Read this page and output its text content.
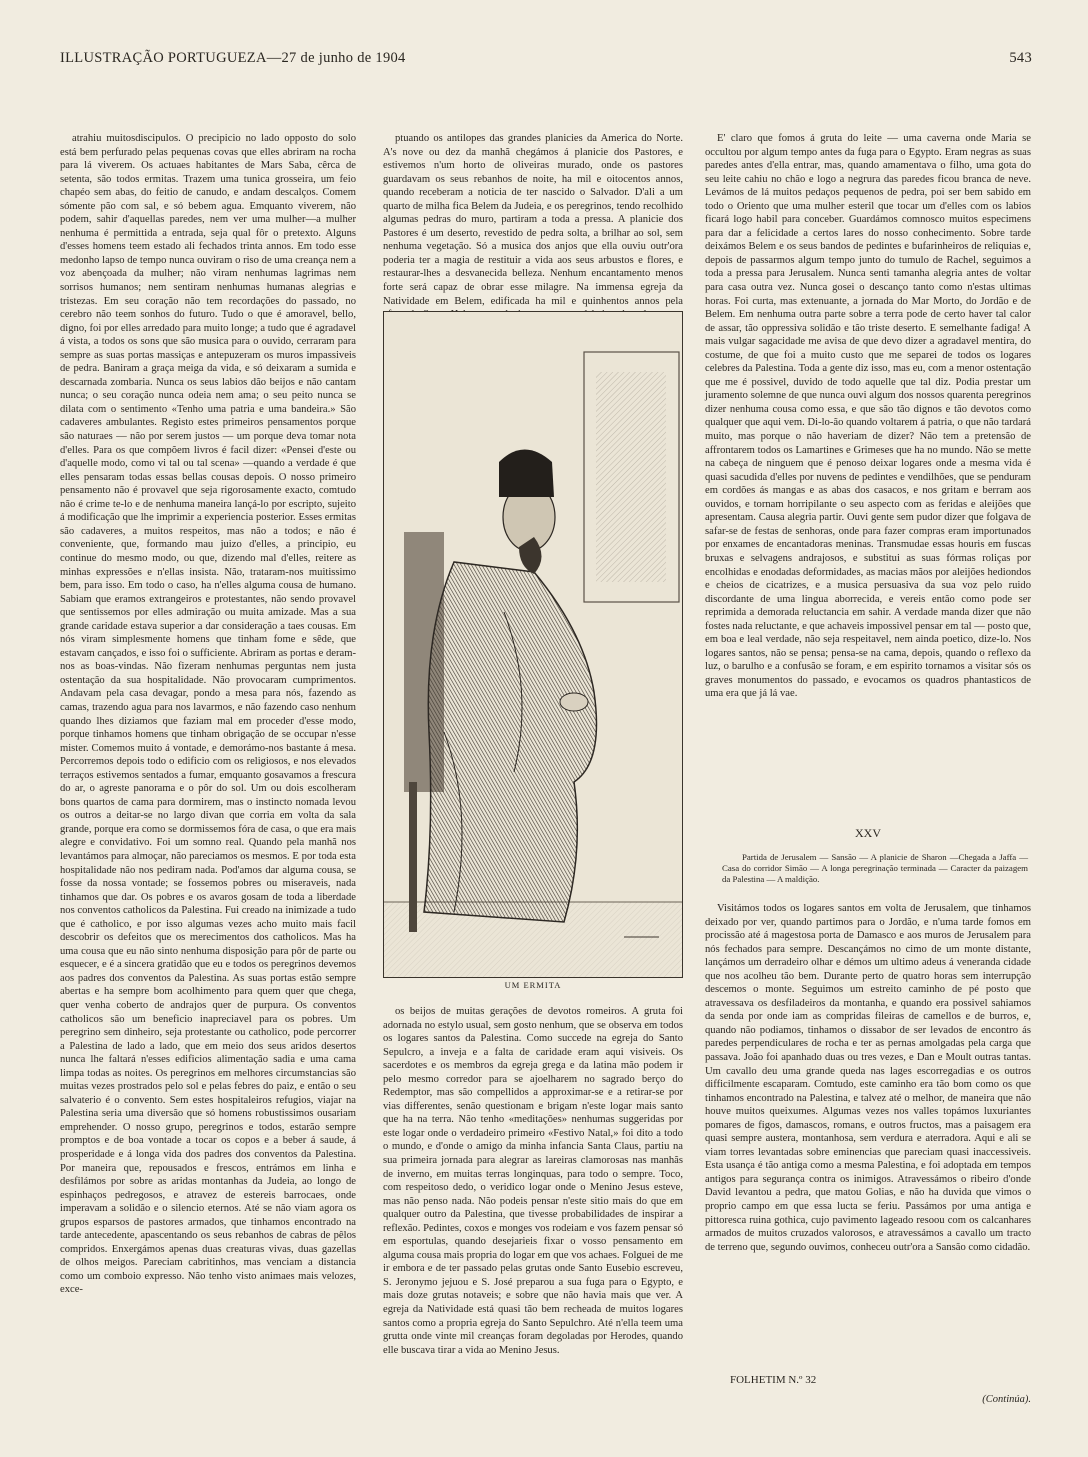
ILLUSTRAÇÃO PORTUGUEZA—27 de junho de 1904	543

atrahiu muitosdiscipulos. O precipicio no lado opposto do solo está bem perfurado pelas pequenas covas que elles abriram na rocha para lá viverem. Os actuaes habitantes de Mars Saba, cêrca de setenta, são todos ermitas. Trazem uma tunica grosseira, um feio chapéo sem abas, do feitio de canudo, e andam descalços. Comem sómente pão com sal, e só bebem agua. Emquanto viverem, não podem, sahir d'aquellas paredes, nem ver uma mulher—a mulher nenhuma é permittida a entrada, seja qual fôr o pretexto. Alguns d'esses homens teem estado ali fechados trinta annos. Em todo esse medonho lapso de tempo nunca ouviram o riso de uma creança nem a voz abençoada da mulher; não viram nenhumas lagrimas nem sorrisos humanos; nem sentiram nenhumas humanas alegrias e tristezas. Em seu coração não tem recordações do passado, no cerebro não teem sonhos do futuro. Tudo o que é amoravel, bello, digno, foi por elles arredado para muito longe; a tudo que é agradavel á vista, a todos os sons que são musica para o ouvido, cerraram para sempre as suas portas massiças e antepuzeram os muros impassiveis de pedra. Baniram a graça meiga da vida, e só deixaram a sumida e descarnada zombaria. Nunca os seus labios dão beijos e não cantam nunca; o seu coração nunca odeia nem ama; o seu peito nunca se dilata com o sentimento «Tenho uma patria e uma bandeira.» São cadaveres ambulantes. Registo estes primeiros pensamentos porque são naturaes — não por serem justos — um porque deva tomar nota d'elles. Para os que compõem livros é facil dizer: «Pensei d'este ou d'aquelle modo, como vi tal ou tal scena» —quando a verdade é que elles pensaram todas essas bellas cousas depois. O nosso primeiro pensamento não é provavel que seja rigorosamente exacto, comtudo não é crime te-lo e de nenhuma maneira lançá-lo por escripto, sujeito á modificação que lhe imprimir a experiencia posterior. Esses ermitas são cadaveres, a muitos respeitos, mas não a todos; e não é conveniente, que, formando mau juizo d'elles, a principio, eu continue do mesmo modo, ou que, dizendo mal d'elles, reitere as minhas expressões e n'ellas insista. Não, trataram-nos muitissimo bem, para isso. Em todo o caso, ha n'elles alguma cousa de humano. Sabiam que eramos extrangeiros e protestantes, não sendo provavel que sentissemos por elles admiração ou muita amizade. Mas a sua grande caridade estava superior a dar consideração a taes cousas. Em nós viram simplesmente homens que tinham fome e sêde, que estavam cançados, e isso foi o sufficiente. Abriram as portas e deram-nos as boas-vindas. Não fizeram nenhumas perguntas nem justa ostentação da sua hospitalidade. Não provocaram cumprimentos. Andavam pela casa devagar, pondo a mesa para nós, fazendo as camas, trazendo agua para nos lavarmos, e não fazendo caso nenhum quando lhes diziamos que faziam mal em proceder d'esse modo, porque tinhamos homens que tinham obrigação de se occupar n'esse mister. Comemos muito á vontade, e demorámo-nos bastante á mesa. Percorremos depois todo o edificio com os religiosos, e nos elevados terraços estivemos sentados a fumar, emquanto gosavamos a frescura do ar, o agreste panorama e o pôr do sol. Um ou dois escolheram bons quartos de cama para dormirem, mas o instincto nomada levou os outros a deitar-se no largo divan que corria em volta da sala grande, porque era como se dormissemos fóra de casa, o que era mais alegre e convidativo. Foi um somno real. Quando pela manhã nos levantámos para almoçar, não pareciamos os mesmos. E por toda esta hospitalidade não nos pediram nada. Pod'amos dar alguma cousa, se fosse da nossa vontade; se fossemos pobres ou miseraveis, nada tinhamos que dar. Os pobres e os avaros gosam de toda a liberdade nos conventos catholicos da Palestina. Fui creado na inimizade a tudo que é catholico, e por isso algumas vezes acho muito mais facil descobrir os defeitos que os merecimentos dos catholicos. Mas ha uma cousa que eu não sinto nenhuma disposição para pôr de parte ou esquecer, e é a sincera gratidão que eu e todos os peregrinos devemos aos padres dos conventos da Palestina. As suas portas estão sempre abertas e ha sempre bom acolhimento para quem quer que chega, quer venha coberto de andrajos quer de purpura. Os conventos catholicos são um beneficio inapreciavel para os pobres. Um peregrino sem dinheiro, seja protestante ou catholico, pode percorrer a Palestina de lado a lado, que em meio dos seus aridos desertos nunca lhe faltará n'esses edificios alimentação sadia e uma cama limpa todas as noites. Os peregrinos em melhores circumstancias são muitas vezes prostrados pelo sol e pelas febres do paiz, e então o seu salvaterio é o convento. Sem estes hospitaleiros refugios, viajar na Palestina seria uma diversão que só homens robustissimos ousariam emprehender. O nosso grupo, peregrinos e todos, estarão sempre promptos e de boa vontade a tocar os copos e a beber á saude, á prosperidade e á longa vida dos padres dos conventos da Palestina. Por maneira que, repousados e frescos, entrámos em linha e desfilámos por sobre as aridas montanhas da Judeia, ao longo de espinhaços pedregosos, e atravez de estereis barrocaes, onde imperavam a solidão e o silencio eternos. Até se não viam agora os grupos esparsos de pastores armados, que tinhamos encontrado na tarde antecedente, apascentando os seus rebanhos de cabras de pêlos compridos. Enxergámos apenas duas creaturas vivas, duas gazellas de olhos meigos. Pareciam cabritinhos, mas venciam a distancia como um comboio expresso. Não tenho visto animaes mais velozes, exce-

ptuando os antilopes das grandes planicies da America do Norte. A's nove ou dez da manhã chegámos á planicie dos Pastores, e estivemos n'um horto de oliveiras murado, onde os pastores guardavam os seus rebanhos de noite, ha mil e oitocentos annos, quando receberam a noticia de ter nascido o Salvador. D'ali a um quarto de milha fica Belem da Judeia, e os peregrinos, tendo recolhido algumas pedras do muro, partiram a toda a pressa. A planicie dos Pastores é um deserto, revestido de pedra solta, a brilhar ao sol, sem nenhuma vegetação. Só a musica dos anjos que ella ouviu outr'ora poderia ter a magia de restituir a vida aos seus arbustos e flores, e restaurar-lhes a desvanecida belleza. Nenhum encantamento menos forte será capaz de obrar esse milagre. Na immensa egreja da Natividade em Belem, edificada ha mil e quinhentos annos pela

UM ERMITA

os beijos de muitas gerações de devotos romeiros. A gruta foi adornada no estylo usual, sem gosto nenhum, que se observa em todos os logares santos da Palestina. Como succede na egreja do Santo Sepulcro, a inveja e a falta de caridade eram aqui visiveis. Os sacerdotes e os membros da egreja grega e da latina mão podem ir pelo mesmo corredor para se ajoelharem no sagrado berço do Redemptor, mas são compellidos a approximar-se e a retirar-se por vias differentes, senão questionam e brigam n'este logar mais santo que ha na terra. Não tenho «meditações» nenhumas suggeridas por este logar onde o verdadeiro primeiro «Festivo Natal,» foi dito a todo o mundo, e d'onde o amigo da minha infancia Santa Claus, partiu na sua primeira jornada para alegrar as lareiras clamorosas nas manhãs de inverno, em muitas terras longinquas, para todo o sempre. Toco, com respeitoso dedo, o veridico logar onde o Menino Jesus esteve, mas não penso nada. Não podeis pensar n'este sitio mais do que em qualquer outro da Palestina, que tivesse probabilidades de inspirar a reflexão. Pedintes, coxos e monges vos rodeiam e vos fazem pensar só em esportulas, quando desejarieis fixar o vosso pensamento em alguma cousa mais propria do logar em que vos achaes. Folguei de me ir embora e de ter passado pelas grutas onde Santo Eusebio escreveu, S. Jeronymo jejuou e S. José preparou a sua fuga para o Egypto, e mais doze grutas notaveis; e sobre que não havia mais que ver. A egreja da Natividade está quasi tão bem recheada de muitos logares santos como a propria egreja do Santo Sepulchro. Até n'ella teem uma grutta onde vinte mil creanças foram degoladas por Herodes, quando elle buscava tirar a vida ao Menino Jesus.

E' claro que fomos á gruta do leite — uma caverna onde Maria se occultou por algum tempo antes da fuga para o Egypto. Eram negras as suas paredes antes d'ella entrar, mas, quando amamentava o filho, uma gota do seu leite cahiu no chão e logo a negrura das paredes ficou branca de neve. Levámos de lá muitos pedaços pequenos de pedra, poi ser bem sabido em todo o Oriento que uma mulher esteril que tocar um d'elles com os labios ficará logo habil para conceber. Guardámos comnosco muitos especimens para dar a felicidade a certos lares do nosso conhecimento. Sobre tarde deixámos Belem e os seus bandos de pedintes e bufarinheiros de reliquias e, depois de passarmos algum tempo junto do tumulo de Rachel, seguimos a toda a pressa para Jerusalem. Nunca senti tamanha alegria antes de voltar para casa outra vez. Nunca gosei o descanço tanto como n'estas ultimas horas. Foi curta, mas extenuante, a jornada do Mar Morto, do Jordão e de Belem. Em nenhuma outra parte sobre a terra pode de certo haver tal calor de assar, tão oppressiva solidão e tão triste deserto. E semelhante fadiga! A mais vulgar sagacidade me avisa de que devo dizer a agradavel mentira, do costume, de que foi a muito custo que me separei de todos os logares celebres da Palestina. Toda a gente diz isso, mas eu, com a menor ostentação que me é possivel, duvido de todo aquelle que tal diz. Podia prestar um juramento solemne de que nunca ouvi algum dos nossos quarenta peregrinos dizer nenhuma cousa como essa, e que são tão dignos e tão devotos como qualquer que aqui vem. Di-lo-ão quando voltarem á patria, o que não tardará muito, mas porque o não haveriam de dizer? Não tem a pretensão de affrontarem todos os Lamartines e Grimeses que ha no mundo. Não se mette na cabeça de ninguem que é penoso deixar logares onde a mesma vida é quasi sacudida d'elles por nuvens de pedintes e vendilhões, que se penduram em cordões ás mangas e as abas dos casacos, e nos gritam e berram aos ouvidos, e tornam horripilante o seu aspecto com as feridas e aleijões que apresentam. Causa alegria partir. Ouvi gente sem pudor dizer que folgava de safar-se de festas de senhoras, onde para fazer compras eram importunados por enxames de encantadoras meninas. Transmudae essas houris em fuscas bruxas e selvagens andrajosos, e substitui as suas fórmas roliças por encolhidas e enodadas deformidades, as macias mãos por aleijões hediondos e cheios de cicatrizes, e a musica persuasiva da sua voz pelo ruido discordante de uma lingua aborrecida, e vereis então como pode ser reprimida a demorada reluctancia em sahir. A verdade manda dizer que não fostes nada reluctante, e que achaveis impossivel pensar em tal — posto que, em boa e leal verdade, não seja respeitavel, nem ainda poetico, dize-lo. Nos logares santos, não se pensa; pensa-se na cama, depois, quando o reflexo da luz, o barulho e a confusão se foram, e em espirito tornamos a visitar sós os graves monumentos do passado, e evocamos os quadros phantasticos de uma era que já lá vae.

XXV
Partida de Jerusalem — Sansão — A planicie de Sharon —Chegada a Jaffa — Casa do corridor Simão — A longa peregrinação terminada — Caracter da paizagem da Palestina — A maldição.

Visitámos todos os logares santos em volta de Jerusalem, que tinhamos deixado por ver, quando partimos para o Jordão, e n'uma tarde fomos em procissão até á magestosa porta de Damasco e aos muros de Jerusalem para nós fechados para sempre. Descançámos no cimo de um monte distante, lançámos um derradeiro olhar e démos um ultimo adeus á veneranda cidade que nos acolheu tão bem. Durante perto de quatro horas sem interrupção descemos o monte. Seguimos um estreito caminho de pé posto que atravessava os desfiladeiros da montanha, e quando era possivel sahiamos da senda por onde iam as compridas fileiras de camellos e de burros, e, quando não podiamos, tinhamos o dissabor de ser levados de encontro ás paredes perpendiculares de rocha e ter as pernas amolgadas pela carga que passava. João foi apanhado duas ou tres vezes, e Dan e Moult outras tantas. Um cavallo deu uma grande queda nas lages escorregadias e os outros difficilmente escaparam. Comtudo, este caminho era tão bom como os que tinhamos encontrado na Palestina, e talvez até o melhor, de maneira que não houve muitos queixumes. Algumas vezes nos valles topámos luxuriantes pomares de figos, damascos, romans, e outros fructos, mas a paisagem era quasi sempre austera, montanhosa, sem verdura e aterradora. Aqui e ali se viam torres levantadas sobre eminencias que pareciam quasi inaccessiveis. Esta usança é tão antiga como a mesma Palestina, e foi adoptada em tempos antigos para segurança contra os inimigos. Atravessámos o ribeiro d'onde David levantou a pedra, que matou Golias, e não ha duvida que vimos o proprio campo em que essa lucta se feriu. Passámos por uma antiga e pittoresca ruina gothica, cujo pavimento lageado resoou com os calcanhares armados de muitos cruzados valorosos, e atravessámos a cavallo um tracto de terreno que, segundo ouvimos, conheceu outr'ora a Sansão como cidadão.

FOLHETIM N.º 32
(Continúa).
